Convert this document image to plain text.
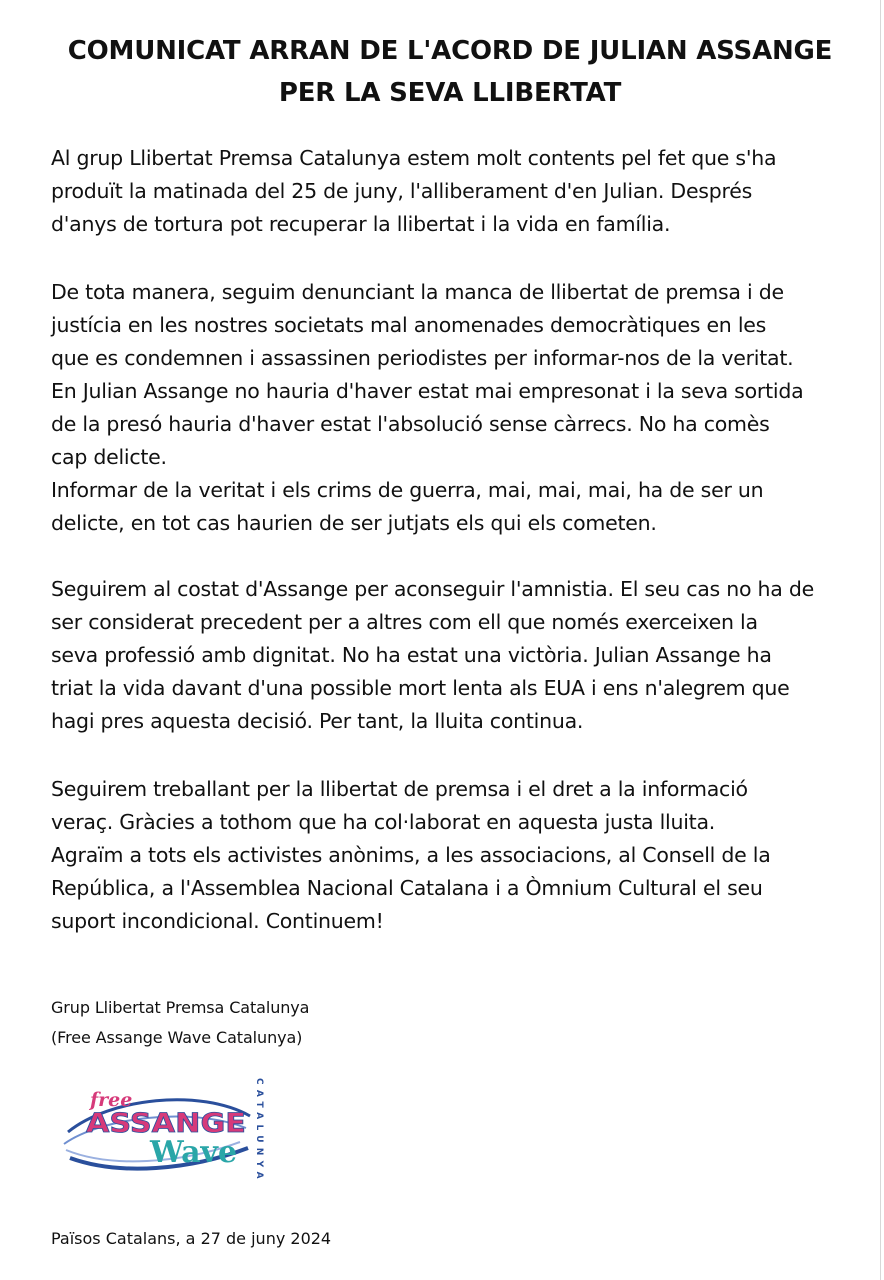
COMUNICAT ARRAN DE L'ACORD DE JULIAN ASSANGE
PER LA SEVA LLIBERTAT
Al grup Llibertat Premsa Catalunya estem molt contents pel fet que s'ha
produït la matinada del 25 de juny, l'alliberament d'en Julian. Després
d'anys de tortura pot recuperar la llibertat i la vida en família.
De tota manera, seguim denunciant la manca de llibertat de premsa i de
justícia en les nostres societats mal anomenades democràtiques en les
que es condemnen i assassinen periodistes per informar-nos de la veritat.
En Julian Assange no hauria d'haver estat mai empresonat i la seva sortida
de la presó hauria d'haver estat l'absolució sense càrrecs. No ha comès
cap delicte.
Informar de la veritat i els crims de guerra, mai, mai, mai, ha de ser un
delicte, en tot cas haurien de ser jutjats els qui els cometen.
Seguirem al costat d'Assange per aconseguir l'amnistia. El seu cas no ha de
ser considerat precedent per a altres com ell que només exerceixen la
seva professió amb dignitat. No ha estat una victòria. Julian Assange ha
triat la vida davant d'una possible mort lenta als EUA i ens n'alegrem que
hagi pres aquesta decisió. Per tant, la lluita continua.
Seguirem treballant per la llibertat de premsa i el dret a la informació
veraç. Gràcies a tothom que ha col·laborat en aquesta justa lluita.
Agraïm a tots els activistes anònims, a les associacions, al Consell de la
República, a l'Assemblea Nacional Catalana i a Òmnium Cultural el seu
suport incondicional. Continuem!
Grup Llibertat Premsa Catalunya
(Free Assange Wave Catalunya)
free
ASSANGE
Wave CATALUNYA
Països Catalans, a 27 de juny 2024
